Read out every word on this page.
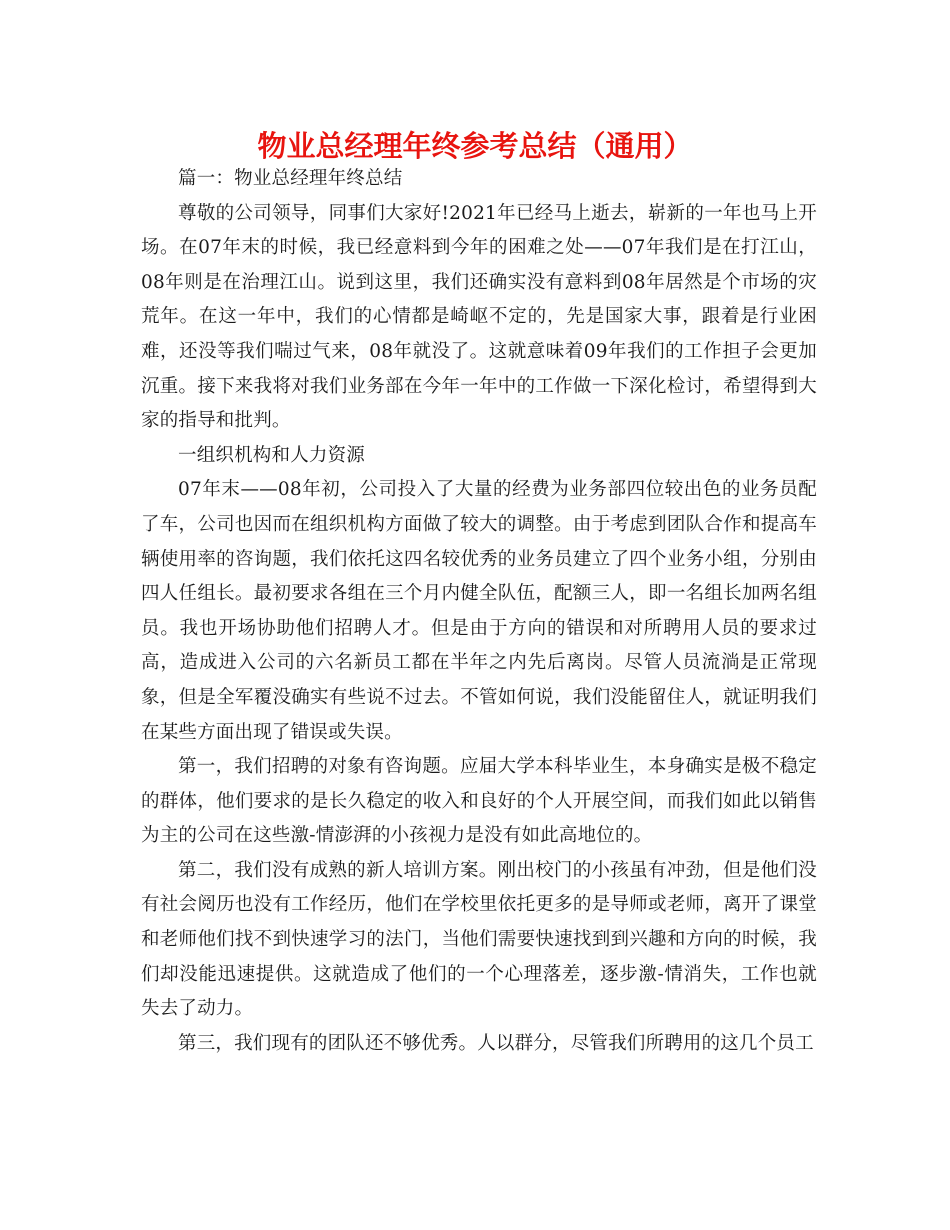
物业总经理年终参考总结（通用）

篇一：物业总经理年终总结

尊敬的公司领导，同事们大家好!2021年已经马上逝去，崭新的一年也马上开场。在07年末的时候，我已经意料到今年的困难之处——07年我们是在打江山，08年则是在治理江山。说到这里，我们还确实没有意料到08年居然是个市场的灾荒年。在这一年中，我们的心情都是崎岖不定的，先是国家大事，跟着是行业困难，还没等我们喘过气来，08年就没了。这就意味着09年我们的工作担子会更加沉重。接下来我将对我们业务部在今年一年中的工作做一下深化检讨，希望得到大家的指导和批判。

一组织机构和人力资源

07年末——08年初，公司投入了大量的经费为业务部四位较出色的业务员配了车，公司也因而在组织机构方面做了较大的调整。由于考虑到团队合作和提高车辆使用率的咨询题，我们依托这四名较优秀的业务员建立了四个业务小组，分别由四人任组长。最初要求各组在三个月内健全队伍，配额三人，即一名组长加两名组员。我也开场协助他们招聘人才。但是由于方向的错误和对所聘用人员的要求过高，造成进入公司的六名新员工都在半年之内先后离岗。尽管人员流淌是正常现象，但是全军覆没确实有些说不过去。不管如何说，我们没能留住人，就证明我们在某些方面出现了错误或失误。

第一，我们招聘的对象有咨询题。应届大学本科毕业生，本身确实是极不稳定的群体，他们要求的是长久稳定的收入和良好的个人开展空间，而我们如此以销售为主的公司在这些激-情澎湃的小孩视力是没有如此高地位的。

第二，我们没有成熟的新人培训方案。刚出校门的小孩虽有冲劲，但是他们没有社会阅历也没有工作经历，他们在学校里依托更多的是导师或老师，离开了课堂和老师他们找不到快速学习的法门，当他们需要快速找到到兴趣和方向的时候，我们却没能迅速提供。这就造成了他们的一个心理落差，逐步激-情消失，工作也就失去了动力。

第三，我们现有的团队还不够优秀。人以群分，尽管我们所聘用的这几个员工
